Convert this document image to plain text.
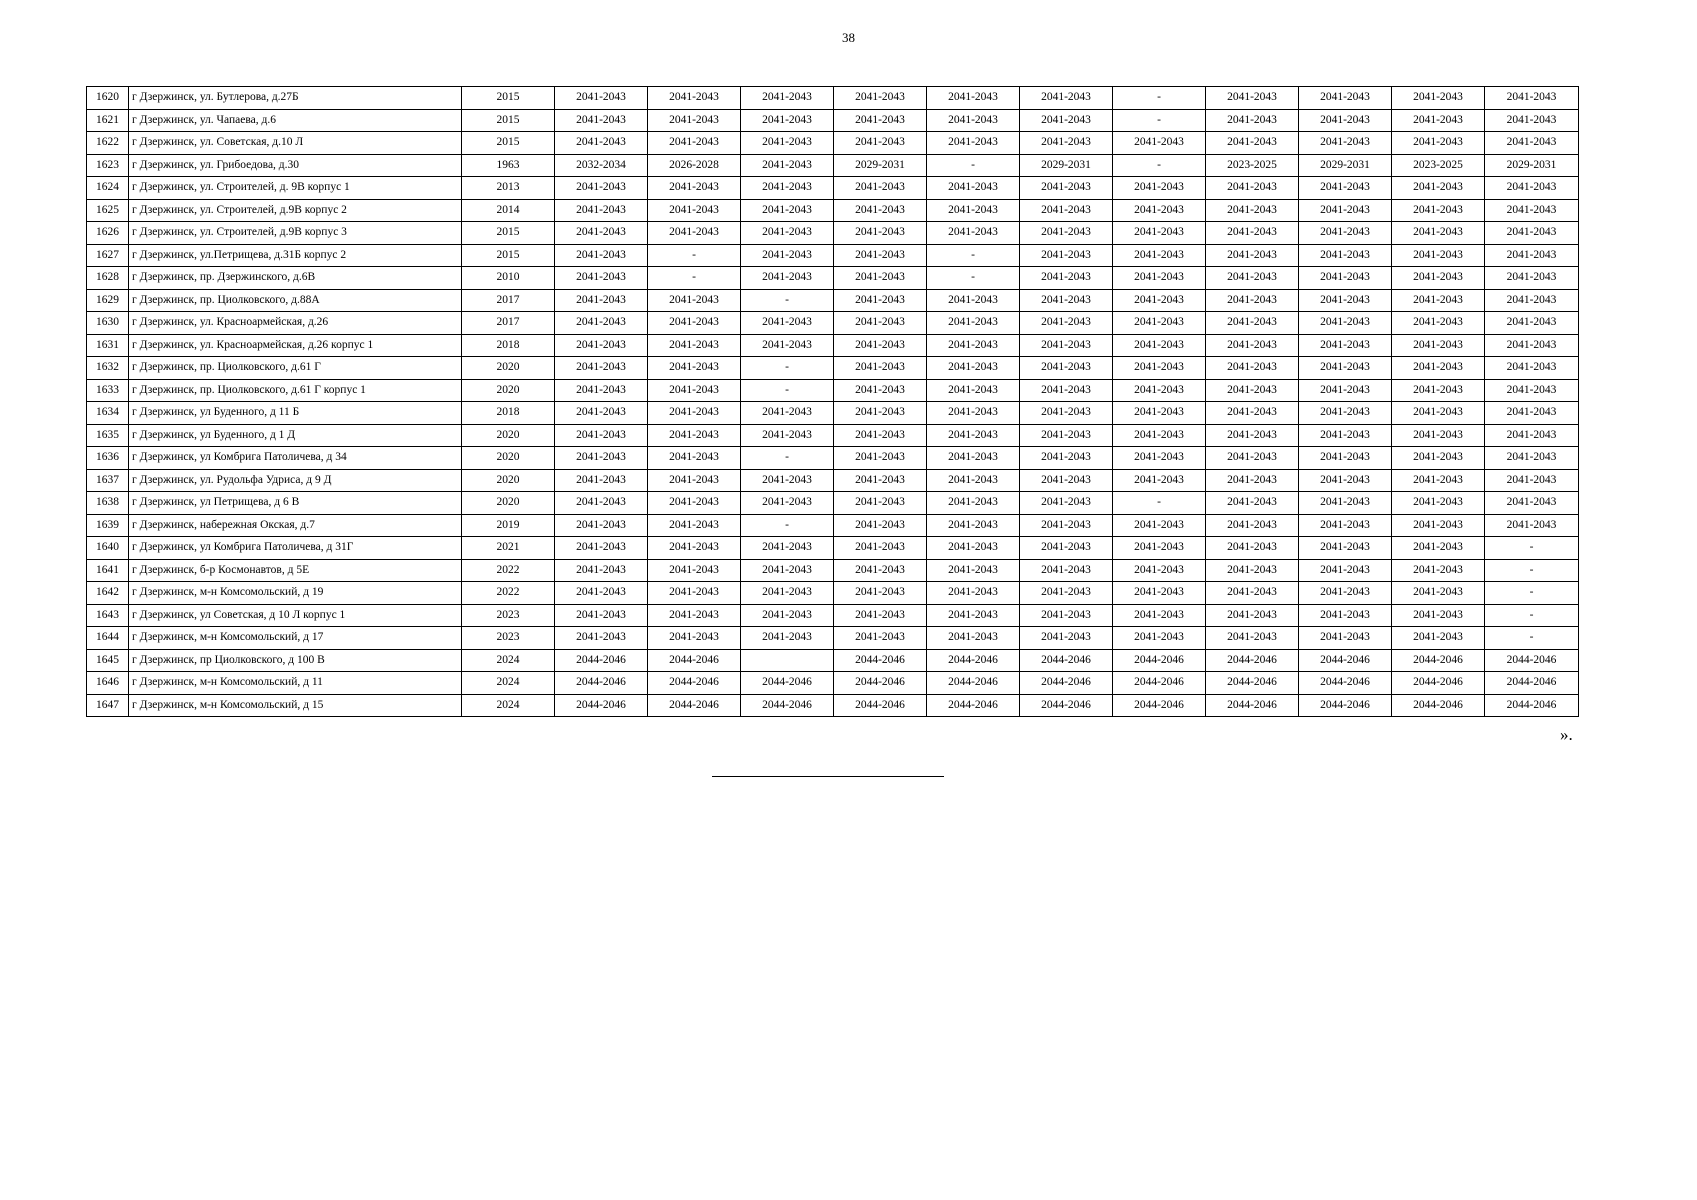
38
1620	г Дзержинск, ул. Бутлерова, д.27Б	2015	2041-2043	2041-2043	2041-2043	2041-2043	2041-2043	2041-2043	-	2041-2043	2041-2043	2041-2043	2041-2043
1621	г Дзержинск, ул. Чапаева, д.6	2015	2041-2043	2041-2043	2041-2043	2041-2043	2041-2043	2041-2043	-	2041-2043	2041-2043	2041-2043	2041-2043
1622	г Дзержинск, ул. Советская, д.10 Л	2015	2041-2043	2041-2043	2041-2043	2041-2043	2041-2043	2041-2043	2041-2043	2041-2043	2041-2043	2041-2043	2041-2043
1623	г Дзержинск, ул. Грибоедова, д.30	1963	2032-2034	2026-2028	2041-2043	2029-2031	-	2029-2031	-	2023-2025	2029-2031	2023-2025	2029-2031
1624	г Дзержинск, ул. Строителей, д. 9В корпус 1	2013	2041-2043	2041-2043	2041-2043	2041-2043	2041-2043	2041-2043	2041-2043	2041-2043	2041-2043	2041-2043	2041-2043
1625	г Дзержинск, ул. Строителей, д.9В корпус 2	2014	2041-2043	2041-2043	2041-2043	2041-2043	2041-2043	2041-2043	2041-2043	2041-2043	2041-2043	2041-2043	2041-2043
1626	г Дзержинск, ул. Строителей, д.9В корпус 3	2015	2041-2043	2041-2043	2041-2043	2041-2043	2041-2043	2041-2043	2041-2043	2041-2043	2041-2043	2041-2043	2041-2043
1627	г Дзержинск, ул.Петрищева, д.31Б корпус 2	2015	2041-2043	-	2041-2043	2041-2043	-	2041-2043	2041-2043	2041-2043	2041-2043	2041-2043	2041-2043
1628	г Дзержинск, пр. Дзержинского, д.6В	2010	2041-2043	-	2041-2043	2041-2043	-	2041-2043	2041-2043	2041-2043	2041-2043	2041-2043	2041-2043
1629	г Дзержинск, пр. Циолковского, д.88А	2017	2041-2043	2041-2043	-	2041-2043	2041-2043	2041-2043	2041-2043	2041-2043	2041-2043	2041-2043	2041-2043
1630	г Дзержинск, ул. Красноармейская, д.26	2017	2041-2043	2041-2043	2041-2043	2041-2043	2041-2043	2041-2043	2041-2043	2041-2043	2041-2043	2041-2043	2041-2043
1631	г Дзержинск, ул. Красноармейская, д.26 корпус 1	2018	2041-2043	2041-2043	2041-2043	2041-2043	2041-2043	2041-2043	2041-2043	2041-2043	2041-2043	2041-2043	2041-2043
1632	г Дзержинск, пр. Циолковского, д.61 Г	2020	2041-2043	2041-2043	-	2041-2043	2041-2043	2041-2043	2041-2043	2041-2043	2041-2043	2041-2043	2041-2043
1633	г Дзержинск, пр. Циолковского, д.61 Г корпус 1	2020	2041-2043	2041-2043	-	2041-2043	2041-2043	2041-2043	2041-2043	2041-2043	2041-2043	2041-2043	2041-2043
1634	г Дзержинск, ул Буденного, д 11 Б	2018	2041-2043	2041-2043	2041-2043	2041-2043	2041-2043	2041-2043	2041-2043	2041-2043	2041-2043	2041-2043	2041-2043
1635	г Дзержинск, ул Буденного, д 1 Д	2020	2041-2043	2041-2043	2041-2043	2041-2043	2041-2043	2041-2043	2041-2043	2041-2043	2041-2043	2041-2043	2041-2043
1636	г Дзержинск, ул Комбрига Патоличева, д 34	2020	2041-2043	2041-2043	-	2041-2043	2041-2043	2041-2043	2041-2043	2041-2043	2041-2043	2041-2043	2041-2043
1637	г Дзержинск, ул. Рудольфа Удриса, д 9 Д	2020	2041-2043	2041-2043	2041-2043	2041-2043	2041-2043	2041-2043	2041-2043	2041-2043	2041-2043	2041-2043	2041-2043
1638	г Дзержинск, ул Петрищева, д 6 В	2020	2041-2043	2041-2043	2041-2043	2041-2043	2041-2043	2041-2043	-	2041-2043	2041-2043	2041-2043	2041-2043
1639	г Дзержинск, набережная Окская, д.7	2019	2041-2043	2041-2043	-	2041-2043	2041-2043	2041-2043	2041-2043	2041-2043	2041-2043	2041-2043	2041-2043
1640	г Дзержинск, ул Комбрига Патоличева, д 31Г	2021	2041-2043	2041-2043	2041-2043	2041-2043	2041-2043	2041-2043	2041-2043	2041-2043	2041-2043	2041-2043	-
1641	г Дзержинск, б-р Космонавтов, д 5Е	2022	2041-2043	2041-2043	2041-2043	2041-2043	2041-2043	2041-2043	2041-2043	2041-2043	2041-2043	2041-2043	-
1642	г Дзержинск, м-н Комсомольский, д 19	2022	2041-2043	2041-2043	2041-2043	2041-2043	2041-2043	2041-2043	2041-2043	2041-2043	2041-2043	2041-2043	-
1643	г Дзержинск, ул Советская, д 10 Л корпус 1	2023	2041-2043	2041-2043	2041-2043	2041-2043	2041-2043	2041-2043	2041-2043	2041-2043	2041-2043	2041-2043	-
1644	г Дзержинск, м-н Комсомольский, д 17	2023	2041-2043	2041-2043	2041-2043	2041-2043	2041-2043	2041-2043	2041-2043	2041-2043	2041-2043	2041-2043	-
1645	г Дзержинск, пр Циолковского, д 100 В	2024	2044-2046	2044-2046		2044-2046	2044-2046	2044-2046	2044-2046	2044-2046	2044-2046	2044-2046	2044-2046
1646	г Дзержинск, м-н Комсомольский, д 11	2024	2044-2046	2044-2046	2044-2046	2044-2046	2044-2046	2044-2046	2044-2046	2044-2046	2044-2046	2044-2046	2044-2046
1647	г Дзержинск, м-н Комсомольский, д 15	2024	2044-2046	2044-2046	2044-2046	2044-2046	2044-2046	2044-2046	2044-2046	2044-2046	2044-2046	2044-2046	2044-2046
».
